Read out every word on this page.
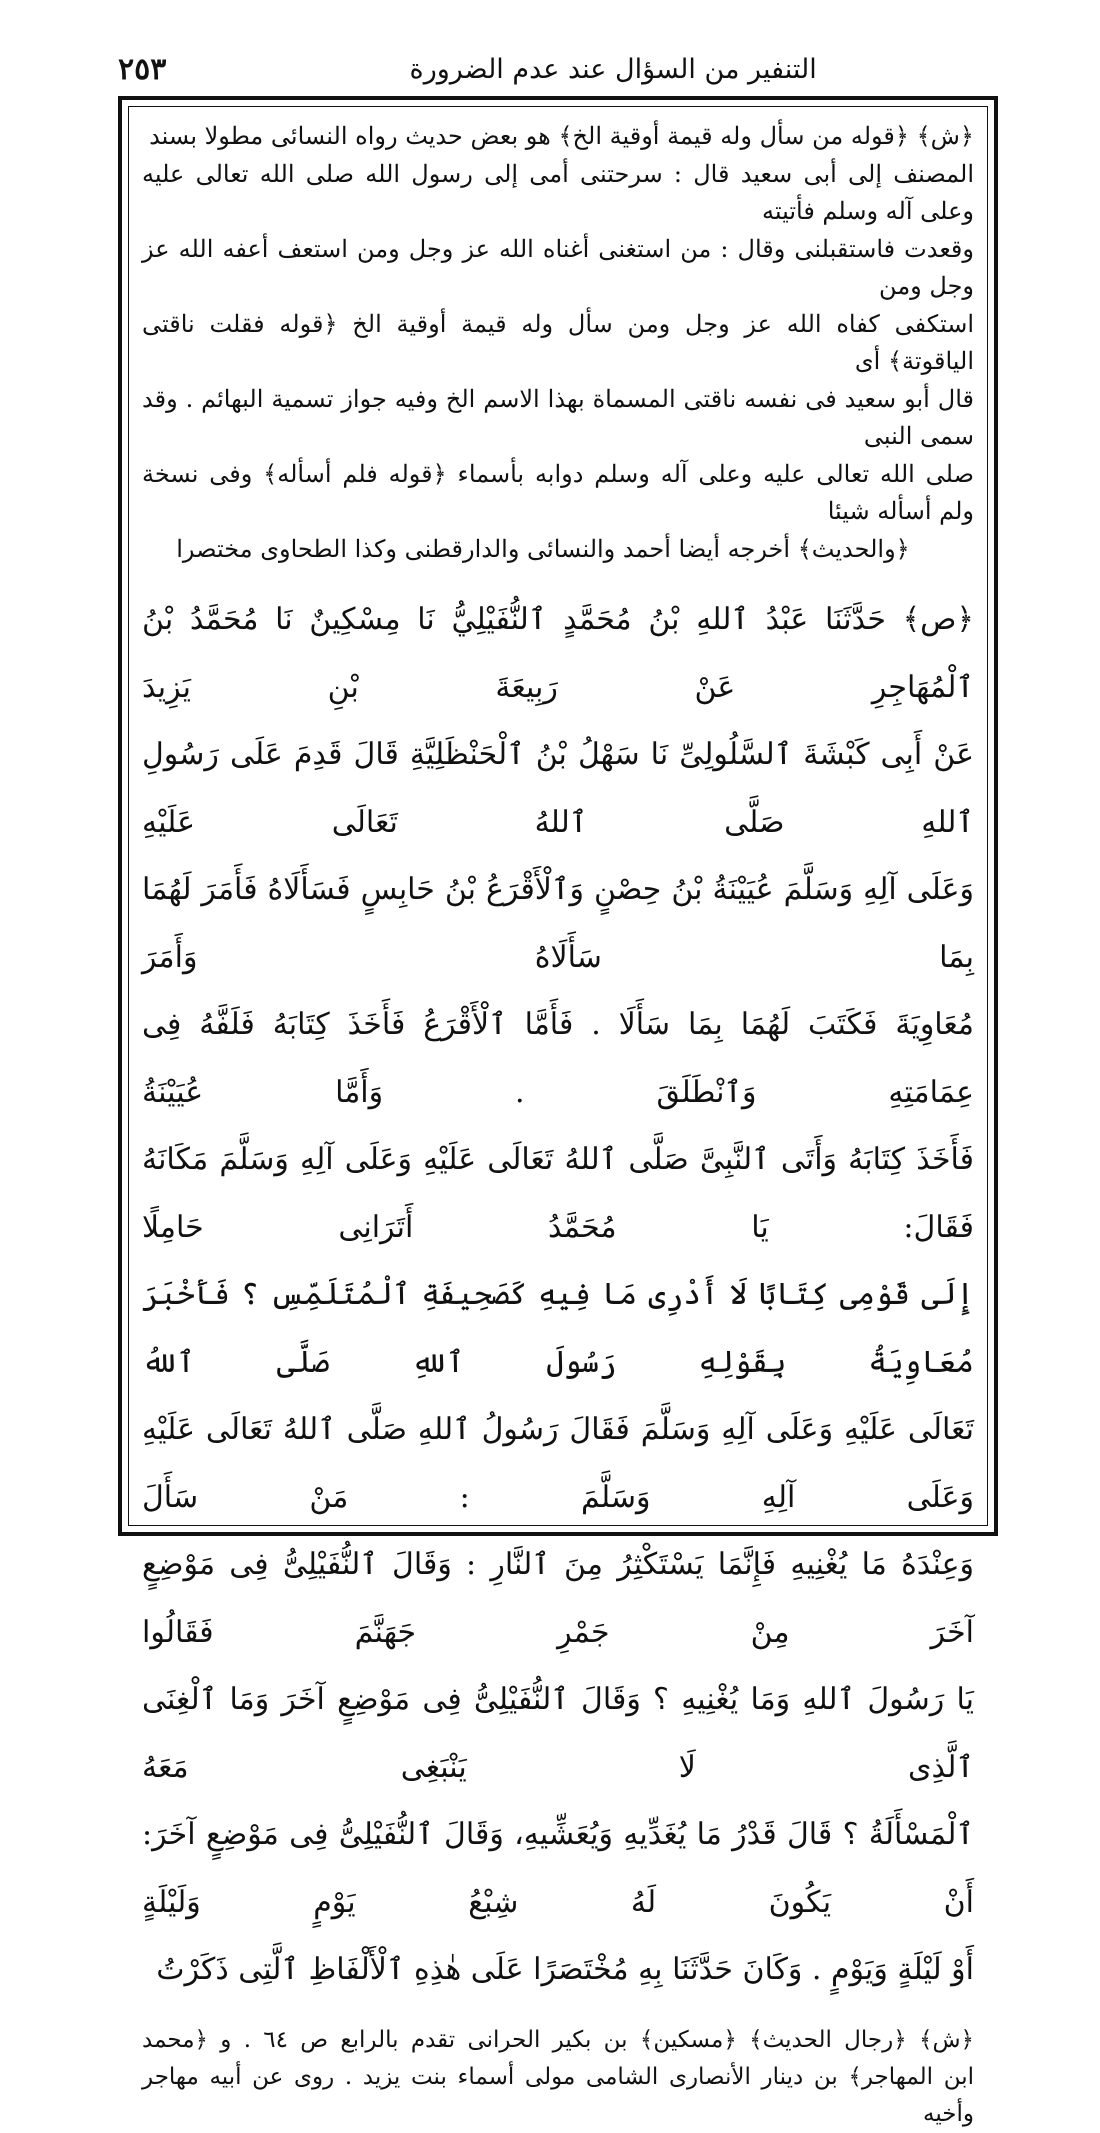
٢٥٣	التنفير من السؤال عند عدم الضرورة

﴿ش﴾ ﴿قوله من سأل وله قيمة أوقية الخ﴾ هو بعض حديث رواه النسائى مطولا بسند

المصنف إلى أبى سعيد قال : سرحتنى أمى إلى رسول الله صلى الله تعالى عليه وعلى آله وسلم فأتيته

وقعدت فاستقبلنى وقال : من استغنى أغناه الله عز وجل ومن استعف أعفه الله عز وجل ومن

استكفى كفاه الله عز وجل ومن سأل وله قيمة أوقية الخ ﴿قوله فقلت ناقتى الياقوتة﴾ أى

قال أبو سعيد فى نفسه ناقتى المسماة بهذا الاسم الخ وفيه جواز تسمية البهائم . وقد سمى النبى

صلى الله تعالى عليه وعلى آله وسلم دوابه بأسماء ﴿قوله فلم أسأله﴾ وفى نسخة ولم أسأله شيئا

﴿والحديث﴾ أخرجه أيضا أحمد والنسائى والدارقطنى وكذا الطحاوى مختصرا

﴿ص﴾ حَدَّثَنَا عَبْدُ ٱللهِ بْنُ مُحَمَّدٍ ٱلنُّفَيْلِيُّ نَا مِسْكِينٌ نَا مُحَمَّدُ بْنُ ٱلْمُهَاجِرِ عَنْ رَبِيعَةَ بْنِ يَزِيدَ

عَنْ أَبِى كَبْشَةَ ٱلسَّلُولِىِّ نَا سَهْلُ بْنُ ٱلْحَنْظَلِيَّةِ قَالَ قَدِمَ عَلَى رَسُولِ ٱللهِ صَلَّى ٱللهُ تَعَالَى عَلَيْهِ

وَعَلَى آلِهِ وَسَلَّمَ عُيَيْنَةُ بْنُ حِصْنٍ وَٱلْأَقْرَعُ بْنُ حَابِسٍ فَسَأَلَاهُ فَأَمَرَ لَهُمَا بِمَا سَأَلَاهُ وَأَمَرَ

مُعَاوِيَةَ فَكَتَبَ لَهُمَا بِمَا سَأَلَا . فَأَمَّا ٱلْأَقْرَعُ فَأَخَذَ كِتَابَهُ فَلَفَّهُ فِى عِمَامَتِهِ وَٱنْطَلَقَ . وَأَمَّا عُيَيْنَةُ

فَأَخَذَ كِتَابَهُ وَأَتَى ٱلنَّبِىَّ صَلَّى ٱللهُ تَعَالَى عَلَيْهِ وَعَلَى آلِهِ وَسَلَّمَ مَكَانَهُ فَقَالَ: يَا مُحَمَّدُ أَتَرَانِى حَامِلًا

إِلَى قَوْمِى كِتَابًا لَا أَدْرِى مَا فِيهِ كَصَحِيفَةِ ٱلْمُتَلَمِّسِ ؟ فَأَخْبَرَ مُعَاوِيَةُ بِقَوْلِهِ رَسُولَ ٱللهِ صَلَّى ٱللهُ

تَعَالَى عَلَيْهِ وَعَلَى آلِهِ وَسَلَّمَ فَقَالَ رَسُولُ ٱللهِ صَلَّى ٱللهُ تَعَالَى عَلَيْهِ وَعَلَى آلِهِ وَسَلَّمَ : مَنْ سَأَلَ

وَعِنْدَهُ مَا يُغْنِيهِ فَإِنَّمَا يَسْتَكْثِرُ مِنَ ٱلنَّارِ : وَقَالَ ٱلنُّفَيْلِىُّ فِى مَوْضِعٍ آخَرَ مِنْ جَمْرِ جَهَنَّمَ فَقَالُوا

يَا رَسُولَ ٱللهِ وَمَا يُغْنِيهِ ؟ وَقَالَ ٱلنُّفَيْلِىُّ فِى مَوْضِعٍ آخَرَ وَمَا ٱلْغِنَى ٱلَّذِى لَا يَنْبَغِى مَعَهُ

ٱلْمَسْأَلَةُ ؟ قَالَ قَدْرُ مَا يُغَدِّيهِ وَيُعَشِّيهِ، وَقَالَ ٱلنُّفَيْلِىُّ فِى مَوْضِعٍ آخَرَ: أَنْ يَكُونَ لَهُ شِبْعُ يَوْمٍ وَلَيْلَةٍ

أَوْ لَيْلَةٍ وَيَوْمٍ . وَكَانَ حَدَّثَنَا بِهِ مُخْتَصَرًا عَلَى هٰذِهِ ٱلْأَلْفَاظِ ٱلَّتِى ذَكَرْتُ

﴿ش﴾ ﴿رجال الحديث﴾ ﴿مسكين﴾ بن بكير الحرانى تقدم بالرابع ص ٦٤ . و ﴿محمد

ابن المهاجر﴾ بن دينار الأنصارى الشامى مولى أسماء بنت يزيد . روى عن أبيه مهاجر وأخيه
